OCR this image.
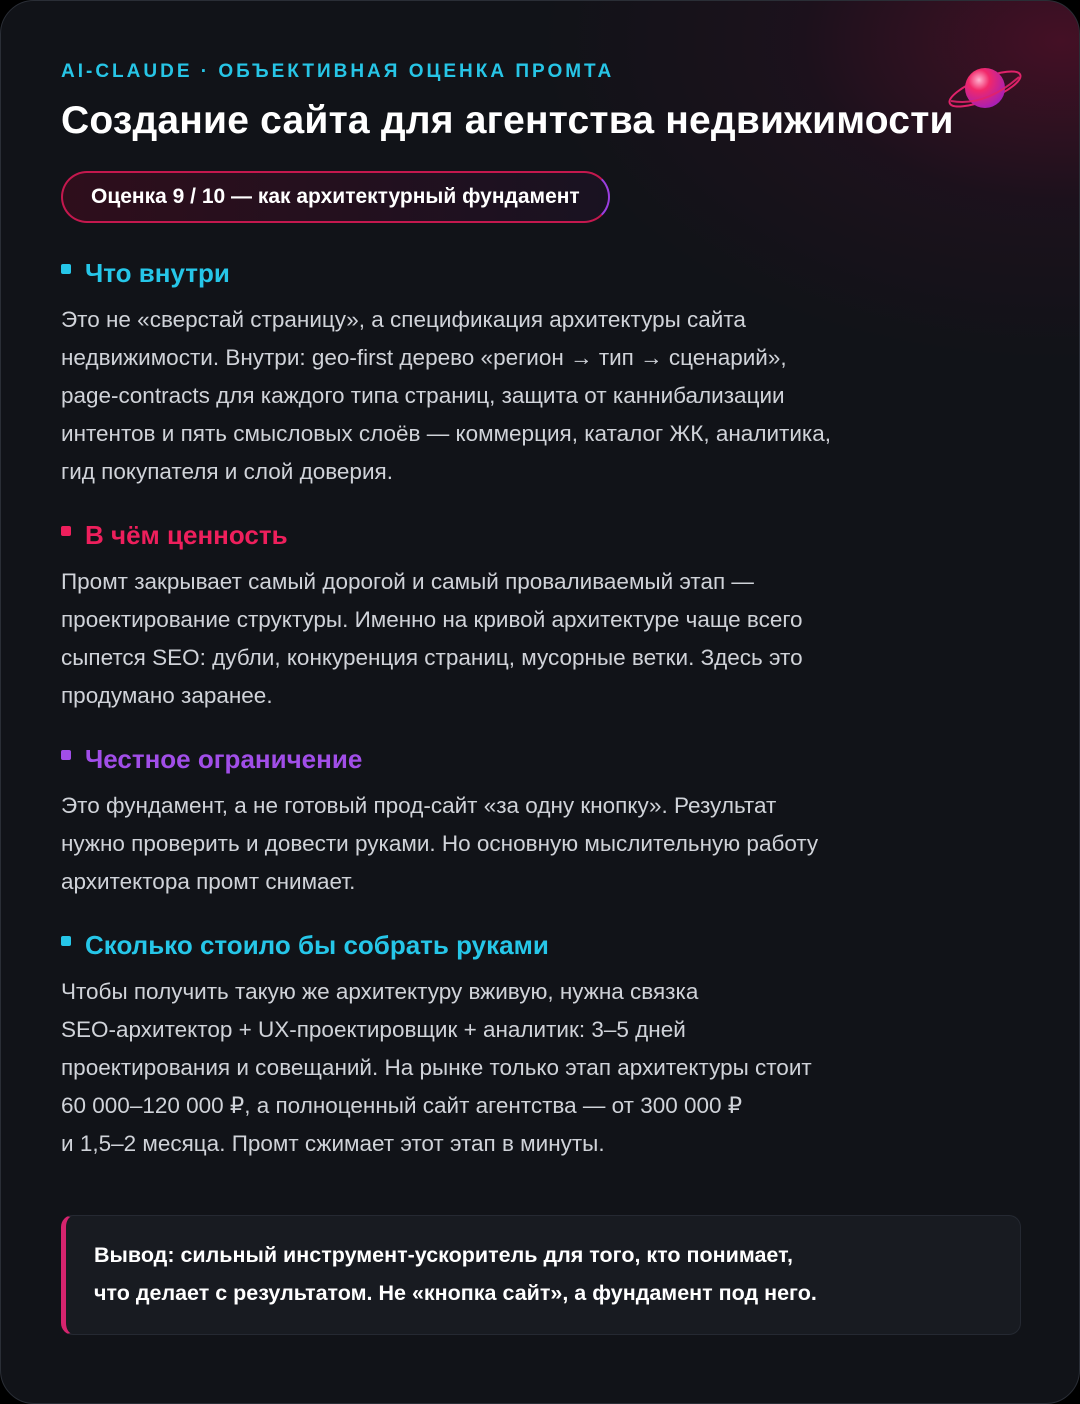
AI-CLAUDE · ОБЪЕКТИВНАЯ ОЦЕНКА ПРОМТА
Создание сайта для агентства недвижимости
Оценка 9 / 10 — как архитектурный фундамент
Что внутри

Это не «сверстай страницу», а спецификация архитектуры сайта

недвижимости. Внутри: geo-first дерево «регион → тип → сценарий»,

page-contracts для каждого типа страниц, защита от каннибализации

интентов и пять смысловых слоёв — коммерция, каталог ЖК, аналитика,

гид покупателя и слой доверия.

В чём ценность

Промт закрывает самый дорогой и самый проваливаемый этап —

проектирование структуры. Именно на кривой архитектуре чаще всего

сыпется SEO: дубли, конкуренция страниц, мусорные ветки. Здесь это

продумано заранее.

Честное ограничение

Это фундамент, а не готовый прод-сайт «за одну кнопку». Результат

нужно проверить и довести руками. Но основную мыслительную работу

архитектора промт снимает.

Сколько стоило бы собрать руками

Чтобы получить такую же архитектуру вживую, нужна связка

SEO-архитектор + UX-проектировщик + аналитик: 3–5 дней

проектирования и совещаний. На рынке только этап архитектуры стоит

60 000–120 000 ₽, а полноценный сайт агентства — от 300 000 ₽

и 1,5–2 месяца. Промт сжимает этот этап в минуты.

Вывод: сильный инструмент-ускоритель для того, кто понимает,

что делает с результатом. Не «кнопка сайт», а фундамент под него.
